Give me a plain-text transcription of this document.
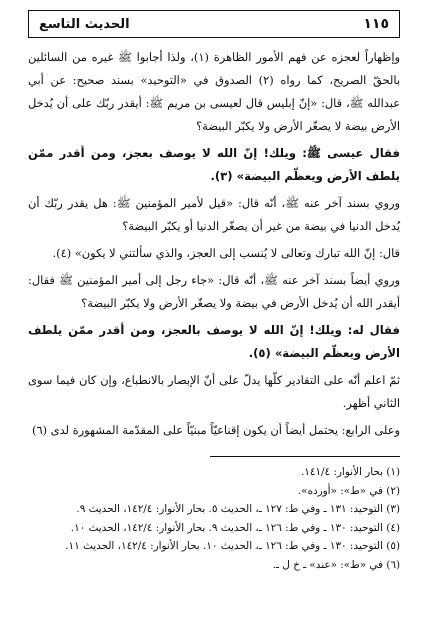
الحديث التاسع	١١٥

وإظهاراً لعجزه عن فهم الأمور الظاهرة (١)، ولذا أجابوا ﷺ غيره من السائلين بالحقّ الصريح، كما رواه (٢) الصدوق في «التوحيد» بسند صحيح: عن أبي عبدالله ﷺ، قال: «إنّ إبليس قال لعيسى بن مريم ﷺ: أيقدر ربّك على أن يُدخل الأرض بيضة لا يصغّر الأرض ولا يكبّر البيضة؟

فقال عيسى ﷺ: ويلك! إنّ الله لا يوصف بعجز، ومن أقدر ممّن يلطف الأرض ويعظّم البيضة» (٣).

وروي بسند آخر عنه ﷺ، أنّه قال: «قيل لأمير المؤمنين ﷺ: هل يقدر ربّك أن يُدخل الدنيا في بيضة من غير أن يصغّر الدنيا أو يكبّر البيضة؟

قال: إنّ الله تبارك وتعالى لا يُنسب إلى العجز، والذي سألتني لا يكون» (٤).

وروي أيضاً بسند آخر عنه ﷺ، أنّه قال: «جاء رجل إلى أمير المؤمنين ﷺ فقال: أيقدر الله أن يُدخل الأرض في بيضة ولا يصغّر الأرض ولا يكبّر البيضة؟

فقال له: ويلك! إنّ الله لا يوصف بالعجز، ومن أقدر ممّن يلطف الأرض ويعظّم البيضة» (٥).

ثمّ اعلم أنّه على التقادير كلّها يدلّ على أنّ الإبصار بالانطباع، وإن كان فيما سوى الثاني أظهر.

وعلى الرابع: يحتمل أيضاً أن يكون إقناعيّاً مبنيّاً على المقدّمة المشهورة لدى (٦)

(١) بحار الأنوار: ١٤١/٤.
(٢) في «ط»: «أورده».
(٣) التوحيد: ١٣١ ـ وفي ط: ١٢٧ ـ، الحديث ٥. بحار الأنوار: ١٤٢/٤، الحديث ٩.
(٤) التوحيد: ١٣٠ ـ وفي ط: ١٢٦ ـ، الحديث ٩. بحار الأنوار: ١٤٢/٤، الحديث ١٠.
(٥) التوحيد: ١٣٠ ـ وفي ط: ١٢٦ ـ، الحديث ١٠. بحار الأنوار: ١٤٢/٤، الحديث ١١.
(٦) في «ط»: «عند» ـ خ ل ـ.
